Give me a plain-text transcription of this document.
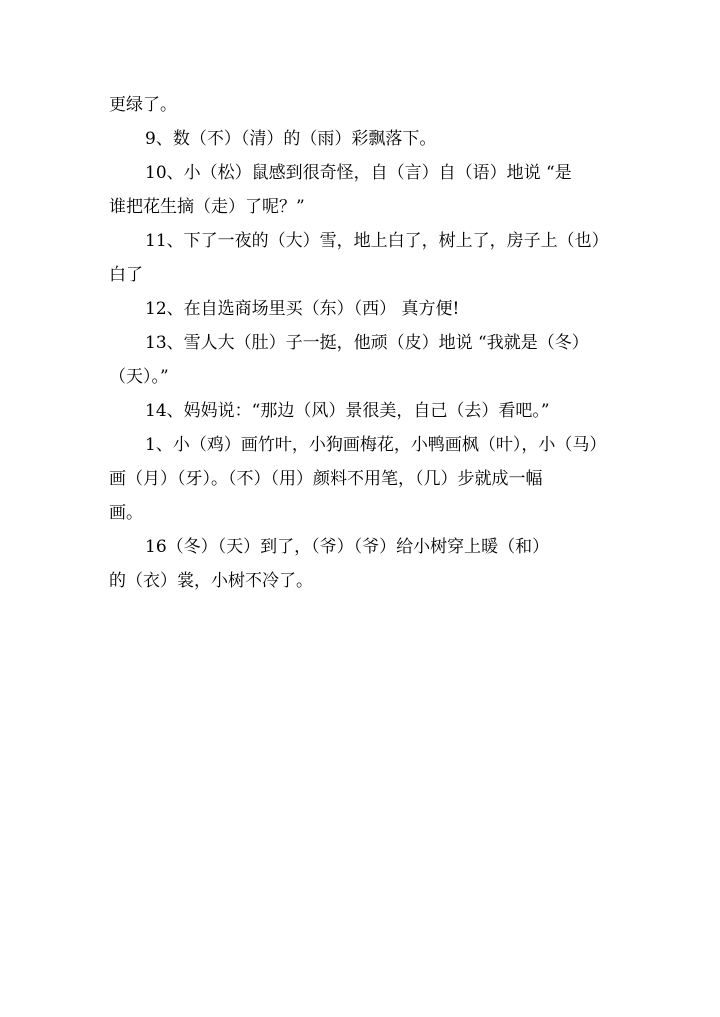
更绿了。

9、数（不）（清）的（雨）彩飘落下。

10、小（松）鼠感到很奇怪，自（言）自（语）地说 “是
谁把花生摘（走）了呢？”

11、下了一夜的（大）雪，地上白了，树上了，房子上（也）
白了

12、在自选商场里买（东）（西） 真方便!

13、雪人大（肚）子一挺，他顽（皮）地说 “我就是（冬）
（天）。”

14、妈妈说：“那边（风）景很美，自己（去）看吧。”

1、小（鸡）画竹叶，小狗画梅花，小鸭画枫（叶），小（马）
画（月）（牙）。（不）（用）颜料不用笔，（几）步就成一幅
画。

16（冬）（天）到了，（爷）（爷）给小树穿上暖（和）
的（衣）裳，小树不冷了。
